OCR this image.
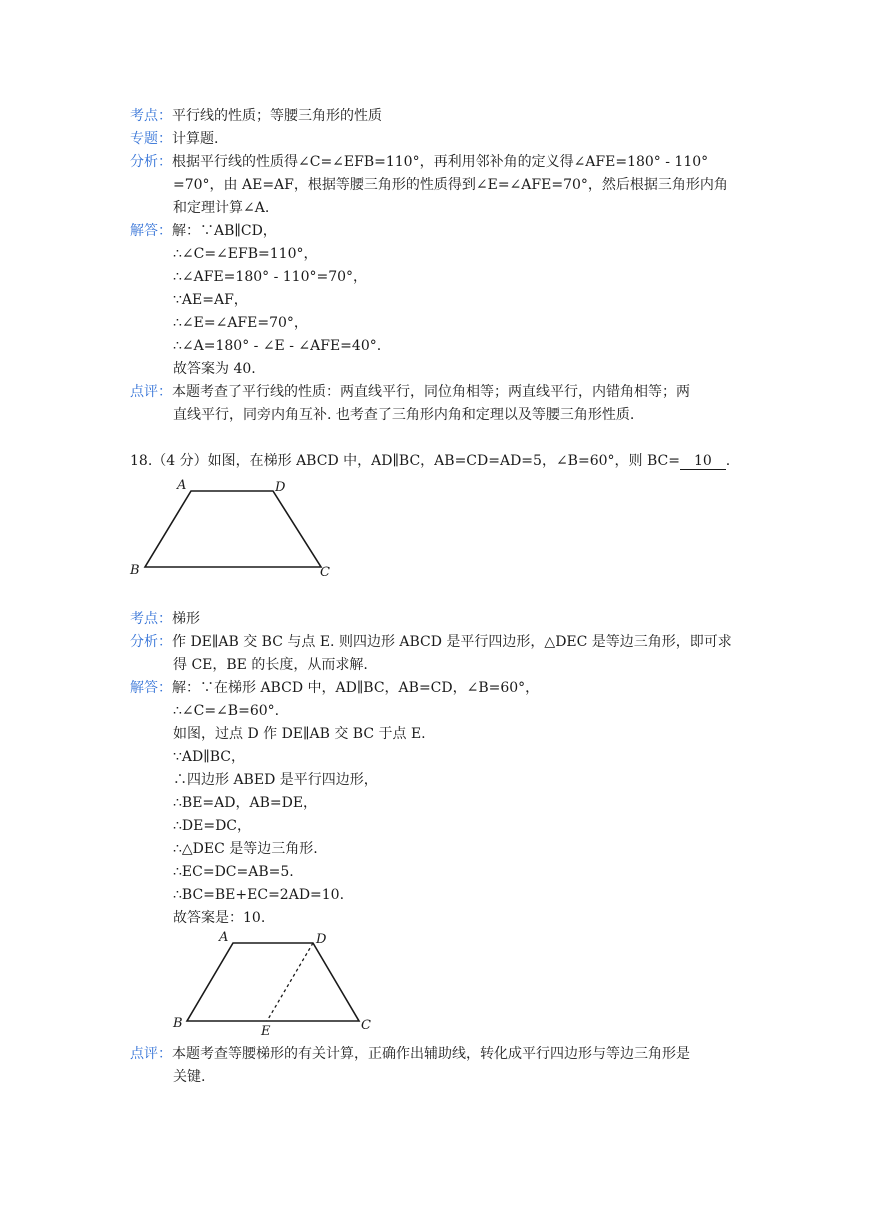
考点：平行线的性质；等腰三角形的性质
专题：计算题.
分析：根据平行线的性质得∠C=∠EFB=110°，再利用邻补角的定义得∠AFE=180° - 110°
=70°，由 AE=AF，根据等腰三角形的性质得到∠E=∠AFE=70°，然后根据三角形内角
和定理计算∠A.
解答：解：∵AB∥CD，
∴∠C=∠EFB=110°，
∴∠AFE=180° - 110°=70°，
∵AE=AF，
∴∠E=∠AFE=70°，
∴∠A=180° - ∠E - ∠AFE=40°.
故答案为 40.
点评：本题考查了平行线的性质：两直线平行，同位角相等；两直线平行，内错角相等；两
直线平行，同旁内角互补. 也考查了三角形内角和定理以及等腰三角形性质.
18.（4 分）如图，在梯形 ABCD 中，AD∥BC，AB=CD=AD=5，∠B=60°，则 BC= 10 .
A	D
B	C
考点：梯形
分析：作 DE∥AB 交 BC 与点 E. 则四边形 ABCD 是平行四边形，△DEC 是等边三角形，即可求
得 CE，BE 的长度，从而求解.
解答：解：∵在梯形 ABCD 中，AD∥BC，AB=CD，∠B=60°，
∴∠C=∠B=60°.
如图，过点 D 作 DE∥AB 交 BC 于点 E.
∵AD∥BC，
∴四边形 ABED 是平行四边形，
∴BE=AD，AB=DE，
∴DE=DC，
∴△DEC 是等边三角形.
∴EC=DC=AB=5.
∴BC=BE+EC=2AD=10.
故答案是：10.
A	D
B
E	C
点评：本题考查等腰梯形的有关计算，正确作出辅助线，转化成平行四边形与等边三角形是
关键.
